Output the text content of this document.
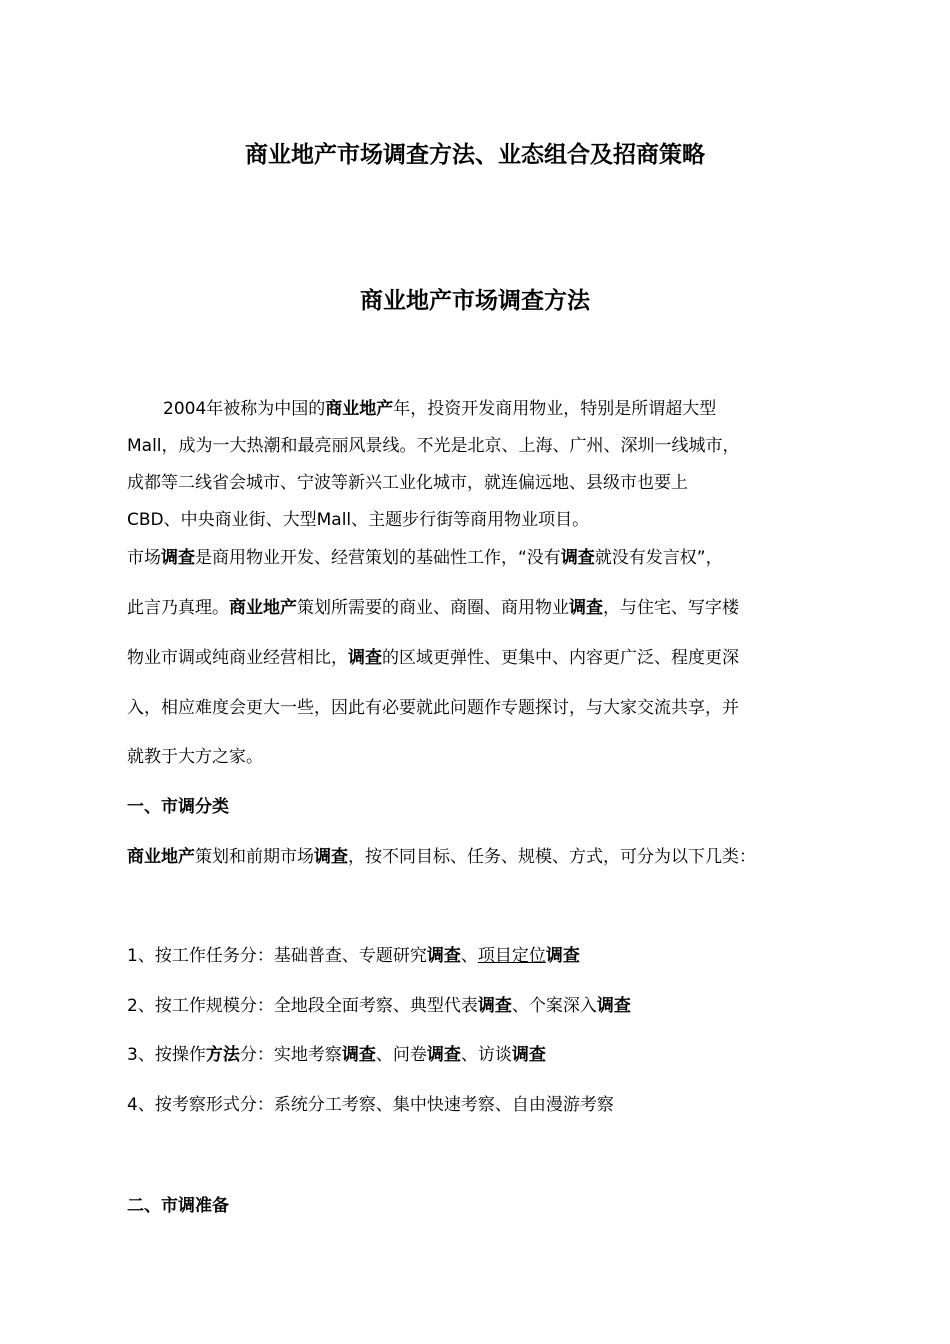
商业地产市场调查方法、业态组合及招商策略
商业地产市场调查方法
2004年被称为中国的商业地产年，投资开发商用物业，特别是所谓超大型
Mall，成为一大热潮和最亮丽风景线。不光是北京、上海、广州、深圳一线城市，
成都等二线省会城市、宁波等新兴工业化城市，就连偏远地、县级市也要上
CBD、中央商业街、大型Mall、主题步行街等商用物业项目。
市场调查是商用物业开发、经营策划的基础性工作，“没有调查就没有发言权”，
此言乃真理。商业地产策划所需要的商业、商圈、商用物业调查，与住宅、写字楼
物业市调或纯商业经营相比，调查的区域更弹性、更集中、内容更广泛、程度更深
入，相应难度会更大一些，因此有必要就此问题作专题探讨，与大家交流共享，并
就教于大方之家。
一、市调分类
商业地产策划和前期市场调查，按不同目标、任务、规模、方式，可分为以下几类：
1、按工作任务分：基础普查、专题研究调查、项目定位调查
2、按工作规模分：全地段全面考察、典型代表调查、个案深入调查
3、按操作方法分：实地考察调查、问卷调查、访谈调查
4、按考察形式分：系统分工考察、集中快速考察、自由漫游考察
二、市调准备
